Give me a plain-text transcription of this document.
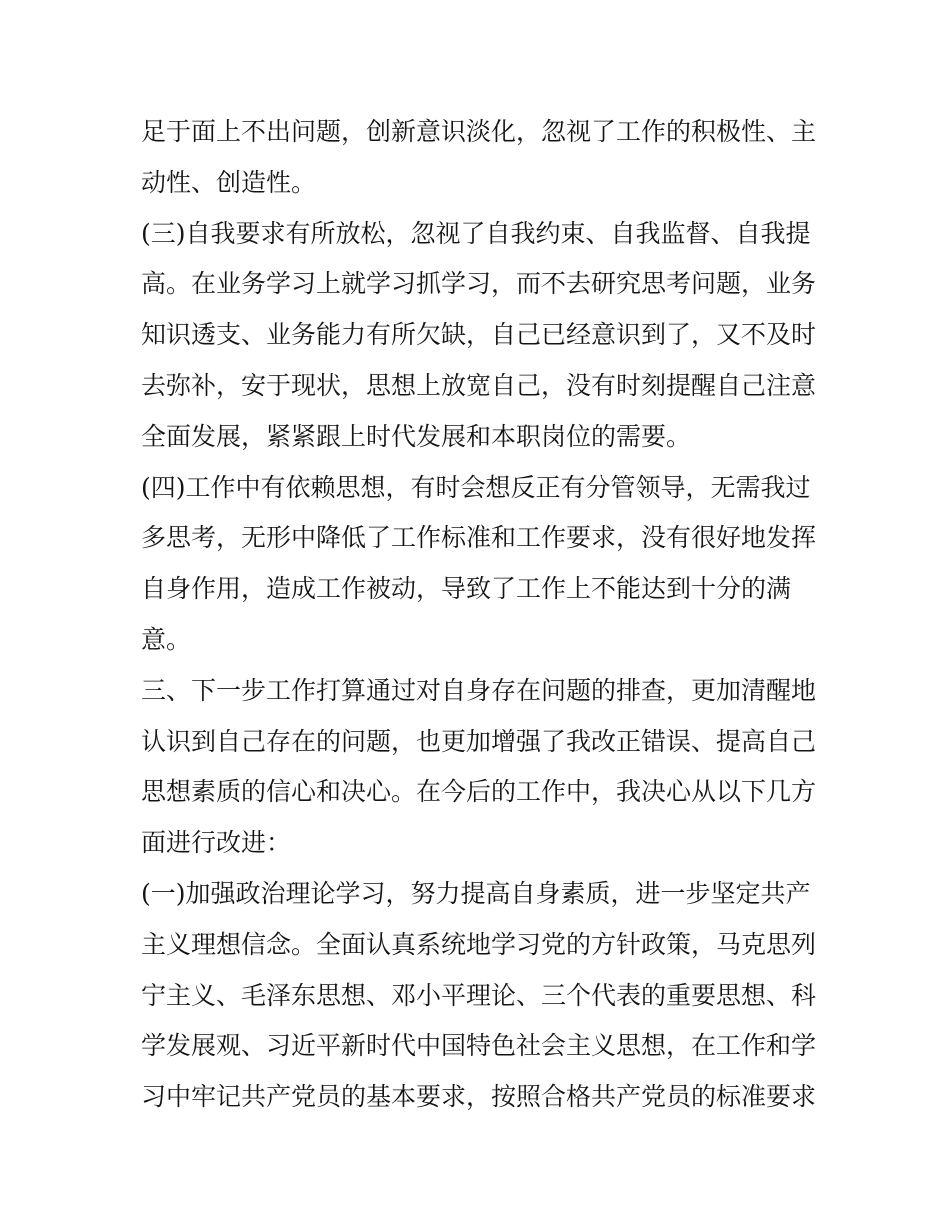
足于面上不出问题，创新意识淡化，忽视了工作的积极性、主
动性、创造性。
(三)自我要求有所放松，忽视了自我约束、自我监督、自我提
高。在业务学习上就学习抓学习，而不去研究思考问题，业务
知识透支、业务能力有所欠缺，自己已经意识到了，又不及时
去弥补，安于现状，思想上放宽自己，没有时刻提醒自己注意
全面发展，紧紧跟上时代发展和本职岗位的需要。
(四)工作中有依赖思想，有时会想反正有分管领导，无需我过
多思考，无形中降低了工作标准和工作要求，没有很好地发挥
自身作用，造成工作被动，导致了工作上不能达到十分的满
意。
三、下一步工作打算通过对自身存在问题的排查，更加清醒地
认识到自己存在的问题，也更加增强了我改正错误、提高自己
思想素质的信心和决心。在今后的工作中，我决心从以下几方
面进行改进：
(一)加强政治理论学习，努力提高自身素质，进一步坚定共产
主义理想信念。全面认真系统地学习党的方针政策，马克思列
宁主义、毛泽东思想、邓小平理论、三个代表的重要思想、科
学发展观、习近平新时代中国特色社会主义思想，在工作和学
习中牢记共产党员的基本要求，按照合格共产党员的标准要求
